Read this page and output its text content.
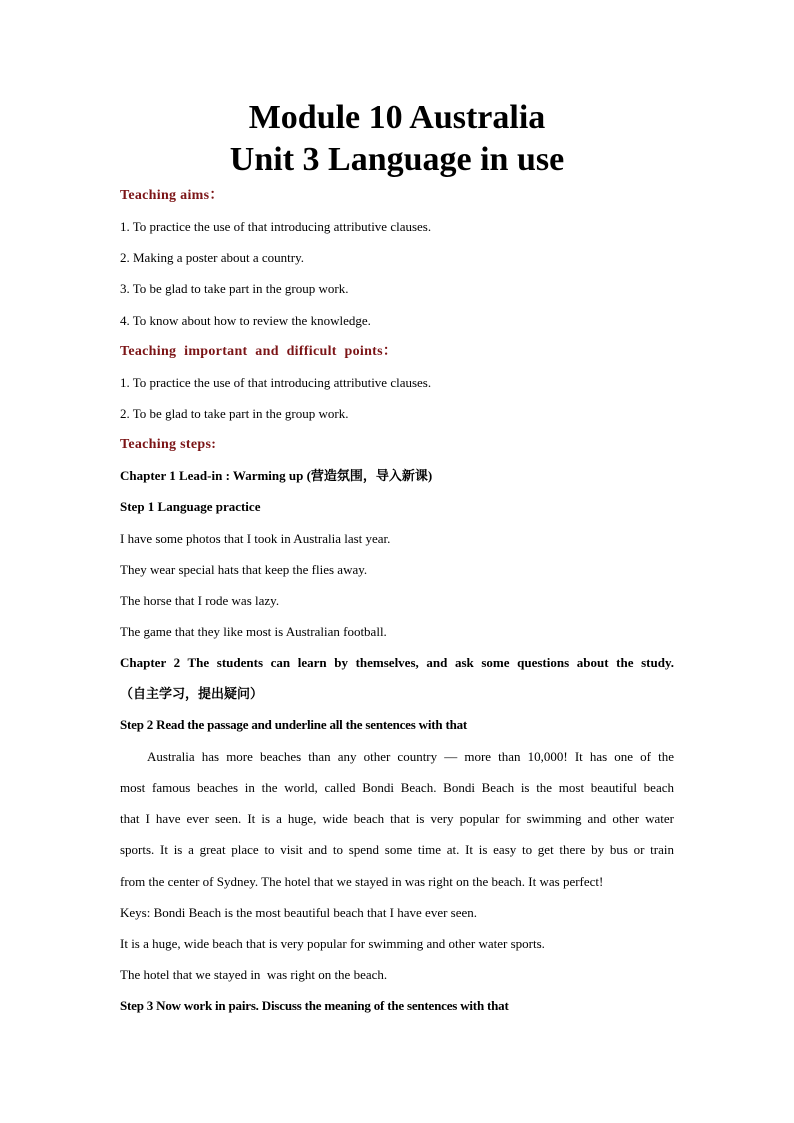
Module 10 Australia
Unit 3 Language in use
Teaching aims：
1. To practice the use of that introducing attributive clauses.
2. Making a poster about a country.
3. To be glad to take part in the group work.
4. To know about how to review the knowledge.
Teaching important and difficult points：
1. To practice the use of that introducing attributive clauses.
2. To be glad to take part in the group work.
Teaching steps:
Chapter 1 Lead-in : Warming up (营造氛围，导入新课)
Step 1 Language practice
I have some photos that I took in Australia last year.
They wear special hats that keep the flies away.
The horse that I rode was lazy.
The game that they like most is Australian football.
Chapter 2 The students can learn by themselves, and ask some questions about the study.
（自主学习，提出疑问）
Step 2 Read the passage and underline all the sentences with that
Australia has more beaches than any other country — more than 10,000! It has one of the
most famous beaches in the world, called Bondi Beach. Bondi Beach is the most beautiful beach
that I have ever seen. It is a huge, wide beach that is very popular for swimming and other water
sports. It is a great place to visit and to spend some time at. It is easy to get there by bus or train
from the center of Sydney. The hotel that we stayed in was right on the beach. It was perfect!
Keys: Bondi Beach is the most beautiful beach that I have ever seen.
It is a huge, wide beach that is very popular for swimming and other water sports.
The hotel that we stayed in  was right on the beach.
Step 3 Now work in pairs. Discuss the meaning of the sentences with that
